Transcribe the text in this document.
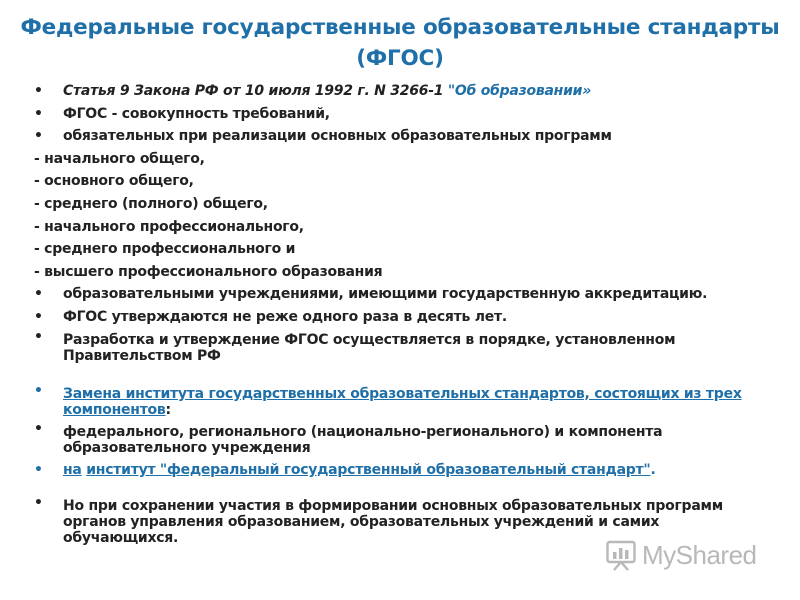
Федеральные государственные образовательные стандарты
(ФГОС)
• Статья 9 Закона РФ от 10 июля 1992 г. N 3266-1 "Об образовании»
• ФГОС - совокупность требований,
• обязательных при реализации основных образовательных программ
- начального общего,
- основного общего,
- среднего (полного) общего,
- начального профессионального,
- среднего профессионального и
- высшего профессионального образования
• образовательными учреждениями, имеющими государственную аккредитацию.
• ФГОС утверждаются не реже одного раза в десять лет.
• Разработка и утверждение ФГОС осуществляется в порядке, установленном Правительством РФ
• Замена института государственных образовательных стандартов, состоящих из трех компонентов:
• федерального, регионального (национально-регионального) и компонента образовательного учреждения
• на институт "федеральный государственный образовательный стандарт".
• Но при сохранении участия в формировании основных образовательных программ органов управления образованием, образовательных учреждений и самих обучающихся.
MyShared
